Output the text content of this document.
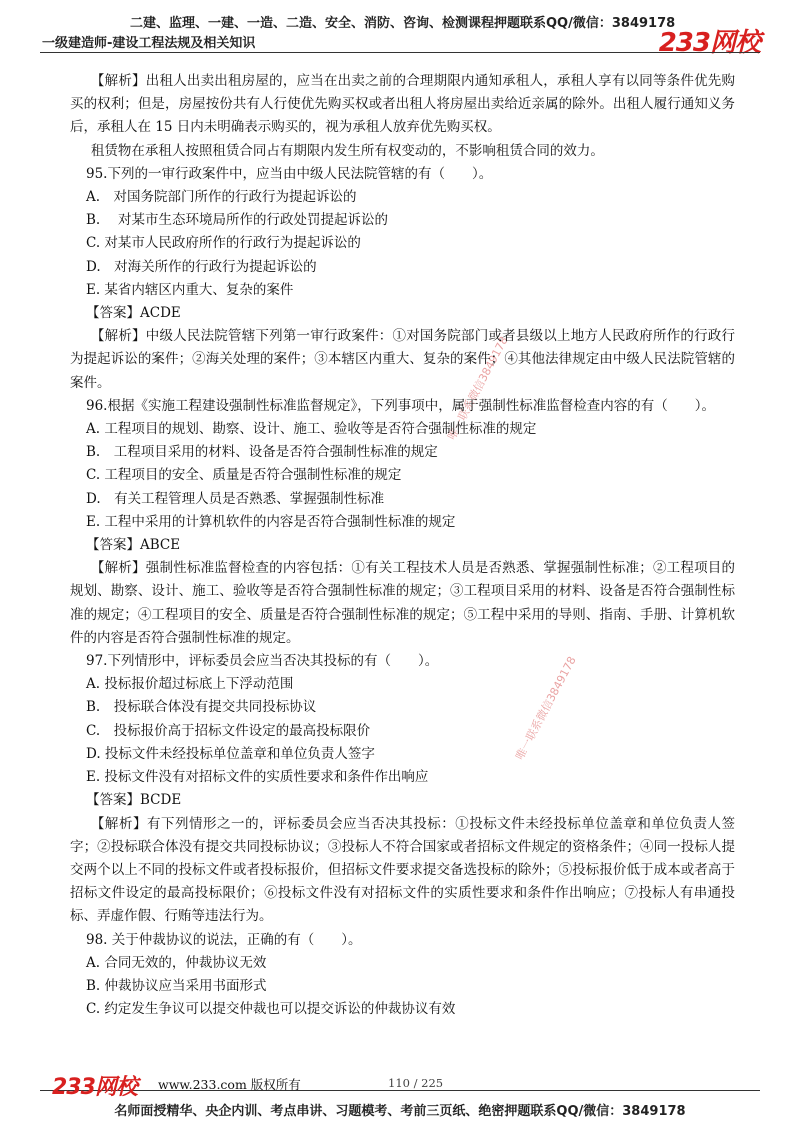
二建、监理、一建、一造、二造、安全、消防、咨询、检测课程押题联系QQ/微信：3849178
一级建造师-建设工程法规及相关知识	233网校
唯一联系微信3849178
唯一联系微信3849178

【解析】出租人出卖出租房屋的，应当在出卖之前的合理期限内通知承租人，承租人享有以同等条件优先购买的权利；但是，房屋按份共有人行使优先购买权或者出租人将房屋出卖给近亲属的除外。出租人履行通知义务后，承租人在 15 日内未明确表示购买的，视为承租人放弃优先购买权。

租赁物在承租人按照租赁合同占有期限内发生所有权变动的，不影响租赁合同的效力。

95.下列的一审行政案件中，应当由中级人民法院管辖的有（　　）。

A.　对国务院部门所作的行政行为提起诉讼的

B.　 对某市生态环境局所作的行政处罚提起诉讼的

C. 对某市人民政府所作的行政行为提起诉讼的

D.　对海关所作的行政行为提起诉讼的

E. 某省内辖区内重大、复杂的案件

【答案】ACDE

【解析】中级人民法院管辖下列第一审行政案件：①对国务院部门或者县级以上地方人民政府所作的行政行为提起诉讼的案件；②海关处理的案件；③本辖区内重大、复杂的案件；④其他法律规定由中级人民法院管辖的案件。

96.根据《实施工程建设强制性标准监督规定》，下列事项中，属于强制性标准监督检查内容的有（　　）。

A. 工程项目的规划、勘察、设计、施工、验收等是否符合强制性标准的规定

B.　工程项目采用的材料、设备是否符合强制性标准的规定

C. 工程项目的安全、质量是否符合强制性标准的规定

D.　有关工程管理人员是否熟悉、掌握强制性标准

E. 工程中采用的计算机软件的内容是否符合强制性标准的规定

【答案】ABCE

【解析】强制性标准监督检查的内容包括：①有关工程技术人员是否熟悉、掌握强制性标准；②工程项目的规划、勘察、设计、施工、验收等是否符合强制性标准的规定；③工程项目采用的材料、设备是否符合强制性标准的规定；④工程项目的安全、质量是否符合强制性标准的规定；⑤工程中采用的导则、指南、手册、计算机软件的内容是否符合强制性标准的规定。

97.下列情形中，评标委员会应当否决其投标的有（　　）。

A. 投标报价超过标底上下浮动范围

B.　投标联合体没有提交共同投标协议

C.　投标报价高于招标文件设定的最高投标限价

D. 投标文件未经投标单位盖章和单位负责人签字

E. 投标文件没有对招标文件的实质性要求和条件作出响应

【答案】BCDE

【解析】有下列情形之一的，评标委员会应当否决其投标：①投标文件未经投标单位盖章和单位负责人签字；②投标联合体没有提交共同投标协议；③投标人不符合国家或者招标文件规定的资格条件；④同一投标人提交两个以上不同的投标文件或者投标报价，但招标文件要求提交备选投标的除外；⑤投标报价低于成本或者高于招标文件设定的最高投标限价；⑥投标文件没有对招标文件的实质性要求和条件作出响应；⑦投标人有串通投标、弄虚作假、行贿等违法行为。

98. 关于仲裁协议的说法，正确的有（　　）。

A. 合同无效的，仲裁协议无效

B. 仲裁协议应当采用书面形式

C. 约定发生争议可以提交仲裁也可以提交诉讼的仲裁协议有效

233网校 www.233.com 版权所有	110 / 225
名师面授精华、央企内训、考点串讲、习题模考、考前三页纸、绝密押题联系QQ/微信：3849178
